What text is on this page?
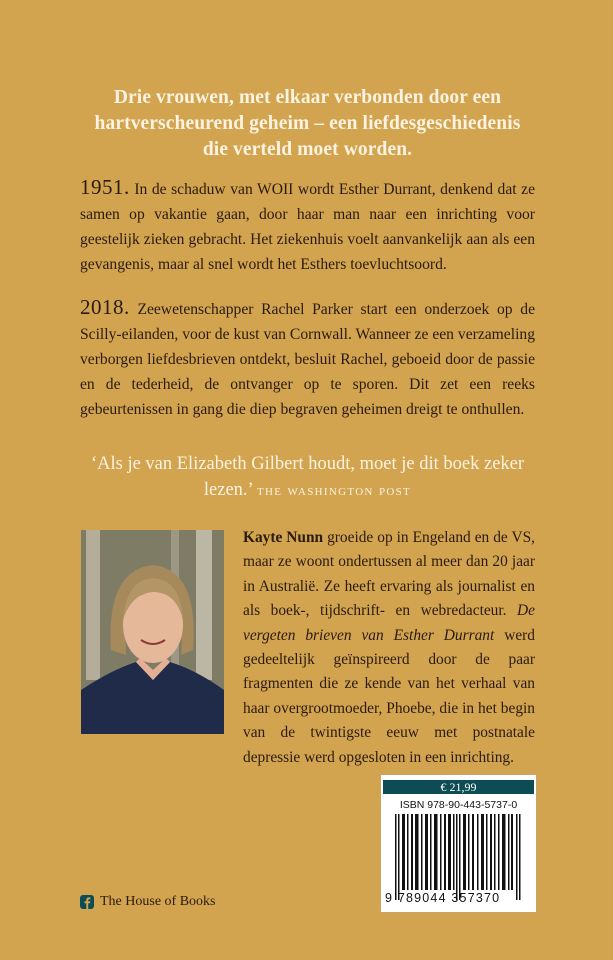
Drie vrouwen, met elkaar verbonden door een hartverscheurend geheim – een liefdesgeschiedenis die verteld moet worden.
1951. In de schaduw van WOII wordt Esther Durrant, denkend dat ze samen op vakantie gaan, door haar man naar een inrichting voor geestelijk zieken gebracht. Het ziekenhuis voelt aanvankelijk aan als een gevangenis, maar al snel wordt het Esthers toevluchtsoord.
2018. Zeewetenschapper Rachel Parker start een onderzoek op de Scilly-eilanden, voor de kust van Cornwall. Wanneer ze een verzameling verborgen liefdesbrieven ontdekt, besluit Rachel, geboeid door de passie en de tederheid, de ontvanger op te sporen. Dit zet een reeks gebeurtenissen in gang die diep begraven geheimen dreigt te onthullen.
‘Als je van Elizabeth Gilbert houdt, moet je dit boek zeker lezen.’ the washington post
Kayte Nunn groeide op in Engeland en de VS, maar ze woont ondertussen al meer dan 20 jaar in Australië. Ze heeft ervaring als journalist en als boek-, tijdschrift- en webredacteur. De vergeten brieven van Esther Durrant werd gedeeltelijk geïnspireerd door de paar fragmenten die ze kende van het verhaal van haar overgrootmoeder, Phoebe, die in het begin van de twintigste eeuw met postnatale depressie werd opgesloten in een inrichting.
€ 21,99
ISBN 978-90-443-5737-0
9 789044 357370
The House of Books
